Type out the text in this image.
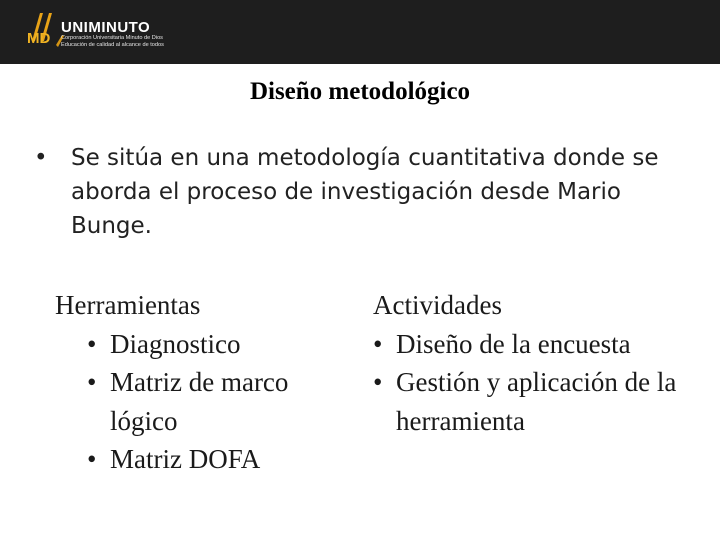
MD
UNIMINUTO
Corporación Universitaria Minuto de Dios
Educación de calidad al alcance de todos
Diseño metodológico
• Se sitúa en una metodología cuantitativa donde se aborda el proceso de investigación desde Mario Bunge.
Herramientas
• Diagnostico
• Matriz de marco lógico
• Matriz DOFA
Actividades
• Diseño de la encuesta
• Gestión y aplicación de la herramienta
